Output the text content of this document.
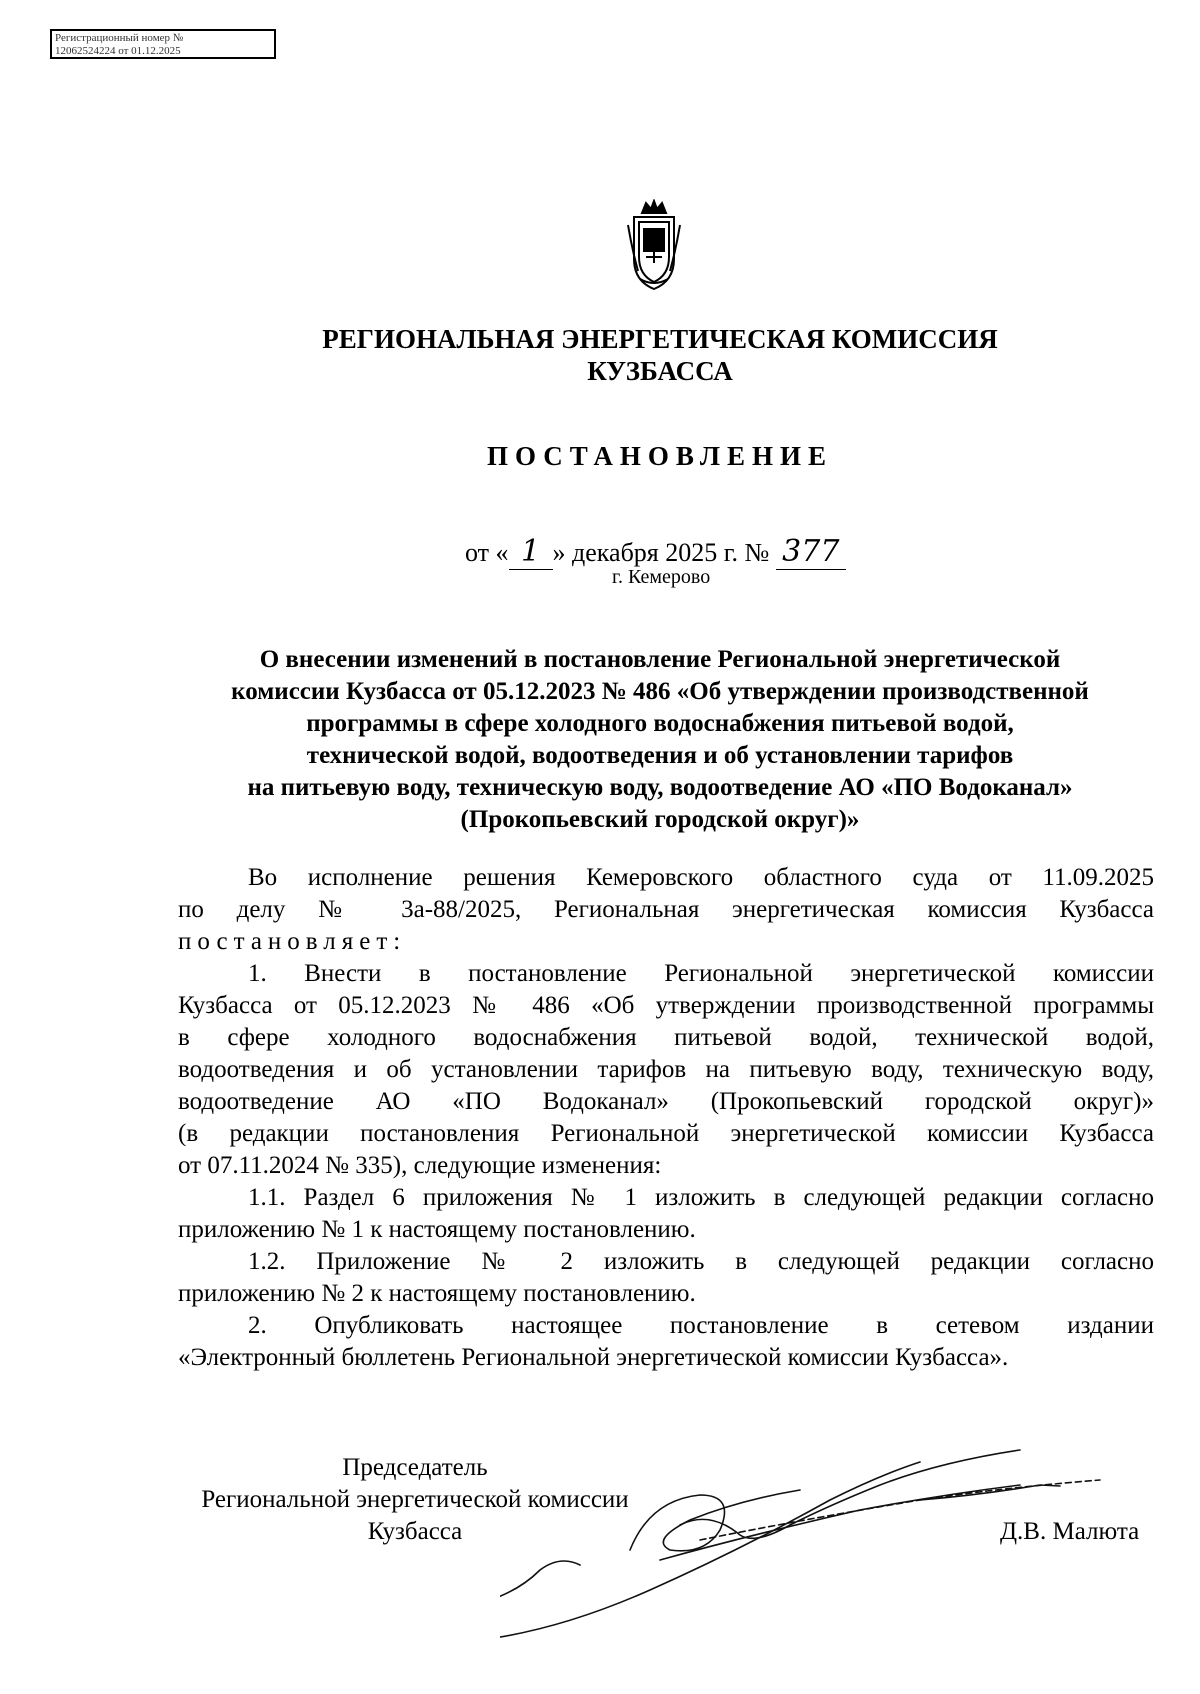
Регистрационный номер №
12062524224 от 01.12.2025
РЕГИОНАЛЬНАЯ ЭНЕРГЕТИЧЕСКАЯ КОМИССИЯ
КУЗБАССА
ПОСТАНОВЛЕНИЕ
от « 1 » декабря 2025 г. № 377
г. Кемерово
О внесении изменений в постановление Региональной энергетической
комиссии Кузбасса от 05.12.2023 № 486 «Об утверждении производственной
программы в сфере холодного водоснабжения питьевой водой,
технической водой, водоотведения и об установлении тарифов
на питьевую воду, техническую воду, водоотведение АО «ПО Водоканал»
(Прокопьевский городской округ)»
Во исполнение решения Кемеровского областного суда от 11.09.2025
по делу № 3а-88/2025, Региональная энергетическая комиссия Кузбасса
постановляет:
1. Внести в постановление Региональной энергетической комиссии
Кузбасса от 05.12.2023 № 486 «Об утверждении производственной программы
в сфере холодного водоснабжения питьевой водой, технической водой,
водоотведения и об установлении тарифов на питьевую воду, техническую воду,
водоотведение АО «ПО Водоканал» (Прокопьевский городской округ)»
(в редакции постановления Региональной энергетической комиссии Кузбасса
от 07.11.2024 № 335), следующие изменения:
1.1. Раздел 6 приложения № 1 изложить в следующей редакции согласно
приложению № 1 к настоящему постановлению.
1.2. Приложение № 2 изложить в следующей редакции согласно
приложению № 2 к настоящему постановлению.
2. Опубликовать настоящее постановление в сетевом издании
«Электронный бюллетень Региональной энергетической комиссии Кузбасса».
Председатель
Региональной энергетической комиссии
Кузбасса	Д.В. Малюта
